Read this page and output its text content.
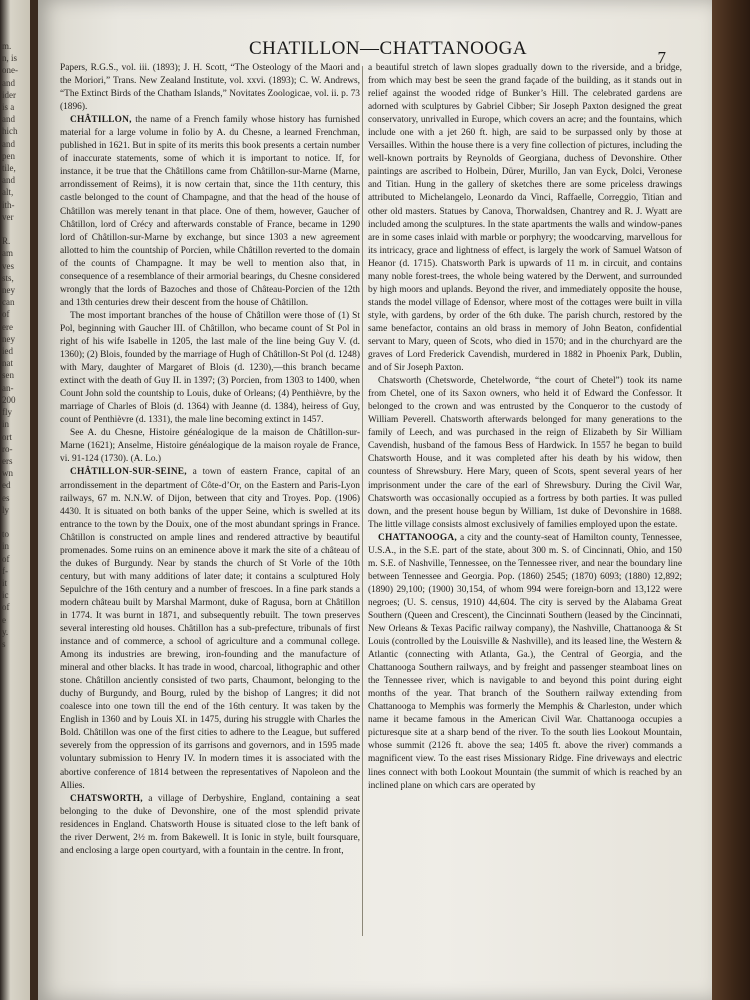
m.
n, is
one-
and
ider
is a
and
hich
and
pen
tile,
and
alt,
ith-
ver

R.
am
ves
sts,
ney
can
of
ere
ney
ied
nat
sen
an-
200
fly
in
ort
ro-
ers
wn
ed
es
ly

to
in
of
f-
it
ic
of
e
y.
s
CHATILLON—CHATTANOOGA	7

Papers, R.G.S., vol. iii. (1893); J. H. Scott, “The Osteology of the Maori and the Moriori,” Trans. New Zealand Institute, vol. xxvi. (1893); C. W. Andrews, “The Extinct Birds of the Chatham Islands,” Novitates Zoologicae, vol. ii. p. 73 (1896).

CHÂTILLON, the name of a French family whose history has furnished material for a large volume in folio by A. du Chesne, a learned Frenchman, published in 1621. But in spite of its merits this book presents a certain number of inaccurate statements, some of which it is important to notice. If, for instance, it be true that the Châtillons came from Châtillon-sur-Marne (Marne, arrondissement of Reims), it is now certain that, since the 11th century, this castle belonged to the count of Champagne, and that the head of the house of Châtillon was merely tenant in that place. One of them, however, Gaucher of Châtillon, lord of Crécy and afterwards constable of France, became in 1290 lord of Châtillon-sur-Marne by exchange, but since 1303 a new agreement allotted to him the countship of Porcien, while Châtillon reverted to the domain of the counts of Champagne. It may be well to mention also that, in consequence of a resemblance of their armorial bearings, du Chesne considered wrongly that the lords of Bazoches and those of Château-Porcien of the 12th and 13th centuries drew their descent from the house of Châtillon.

The most important branches of the house of Châtillon were those of (1) St Pol, beginning with Gaucher III. of Châtillon, who became count of St Pol in right of his wife Isabelle in 1205, the last male of the line being Guy V. (d. 1360); (2) Blois, founded by the marriage of Hugh of Châtillon-St Pol (d. 1248) with Mary, daughter of Margaret of Blois (d. 1230),—this branch became extinct with the death of Guy II. in 1397; (3) Porcien, from 1303 to 1400, when Count John sold the countship to Louis, duke of Orleans; (4) Penthièvre, by the marriage of Charles of Blois (d. 1364) with Jeanne (d. 1384), heiress of Guy, count of Penthièvre (d. 1331), the male line becoming extinct in 1457.

See A. du Chesne, Histoire généalogique de la maison de Châtillon-sur-Marne (1621); Anselme, Histoire généalogique de la maison royale de France, vi. 91-124 (1730). (A. Lo.)

CHÂTILLON-SUR-SEINE, a town of eastern France, capital of an arrondissement in the department of Côte-d’Or, on the Eastern and Paris-Lyon railways, 67 m. N.N.W. of Dijon, between that city and Troyes. Pop. (1906) 4430. It is situated on both banks of the upper Seine, which is swelled at its entrance to the town by the Douix, one of the most abundant springs in France. Châtillon is constructed on ample lines and rendered attractive by beautiful promenades. Some ruins on an eminence above it mark the site of a château of the dukes of Burgundy. Near by stands the church of St Vorle of the 10th century, but with many additions of later date; it contains a sculptured Holy Sepulchre of the 16th century and a number of frescoes. In a fine park stands a modern château built by Marshal Marmont, duke of Ragusa, born at Châtillon in 1774. It was burnt in 1871, and subsequently rebuilt. The town preserves several interesting old houses. Châtillon has a sub-prefecture, tribunals of first instance and of commerce, a school of agriculture and a communal college. Among its industries are brewing, iron-founding and the manufacture of mineral and other blacks. It has trade in wood, charcoal, lithographic and other stone. Châtillon anciently consisted of two parts, Chaumont, belonging to the duchy of Burgundy, and Bourg, ruled by the bishop of Langres; it did not coalesce into one town till the end of the 16th century. It was taken by the English in 1360 and by Louis XI. in 1475, during his struggle with Charles the Bold. Châtillon was one of the first cities to adhere to the League, but suffered severely from the oppression of its garrisons and governors, and in 1595 made voluntary submission to Henry IV. In modern times it is associated with the abortive conference of 1814 between the representatives of Napoleon and the Allies.

CHATSWORTH, a village of Derbyshire, England, containing a seat belonging to the duke of Devonshire, one of the most splendid private residences in England. Chatsworth House is situated close to the left bank of the river Derwent, 2½ m. from Bakewell. It is Ionic in style, built foursquare, and enclosing a large open courtyard, with a fountain in the centre. In front,

a beautiful stretch of lawn slopes gradually down to the riverside, and a bridge, from which may best be seen the grand façade of the building, as it stands out in relief against the wooded ridge of Bunker’s Hill. The celebrated gardens are adorned with sculptures by Gabriel Cibber; Sir Joseph Paxton designed the great conservatory, unrivalled in Europe, which covers an acre; and the fountains, which include one with a jet 260 ft. high, are said to be surpassed only by those at Versailles. Within the house there is a very fine collection of pictures, including the well-known portraits by Reynolds of Georgiana, duchess of Devonshire. Other paintings are ascribed to Holbein, Dürer, Murillo, Jan van Eyck, Dolci, Veronese and Titian. Hung in the gallery of sketches there are some priceless drawings attributed to Michelangelo, Leonardo da Vinci, Raffaelle, Correggio, Titian and other old masters. Statues by Canova, Thorwaldsen, Chantrey and R. J. Wyatt are included among the sculptures. In the state apartments the walls and window-panes are in some cases inlaid with marble or porphyry; the woodcarving, marvellous for its intricacy, grace and lightness of effect, is largely the work of Samuel Watson of Heanor (d. 1715). Chatsworth Park is upwards of 11 m. in circuit, and contains many noble forest-trees, the whole being watered by the Derwent, and surrounded by high moors and uplands. Beyond the river, and immediately opposite the house, stands the model village of Edensor, where most of the cottages were built in villa style, with gardens, by order of the 6th duke. The parish church, restored by the same benefactor, contains an old brass in memory of John Beaton, confidential servant to Mary, queen of Scots, who died in 1570; and in the churchyard are the graves of Lord Frederick Cavendish, murdered in 1882 in Phoenix Park, Dublin, and of Sir Joseph Paxton.

Chatsworth (Chetsworde, Chetelworde, “the court of Chetel”) took its name from Chetel, one of its Saxon owners, who held it of Edward the Confessor. It belonged to the crown and was entrusted by the Conqueror to the custody of William Peverell. Chatsworth afterwards belonged for many generations to the family of Leech, and was purchased in the reign of Elizabeth by Sir William Cavendish, husband of the famous Bess of Hardwick. In 1557 he began to build Chatsworth House, and it was completed after his death by his widow, then countess of Shrewsbury. Here Mary, queen of Scots, spent several years of her imprisonment under the care of the earl of Shrewsbury. During the Civil War, Chatsworth was occasionally occupied as a fortress by both parties. It was pulled down, and the present house begun by William, 1st duke of Devonshire in 1688. The little village consists almost exclusively of families employed upon the estate.

CHATTANOOGA, a city and the county-seat of Hamilton county, Tennessee, U.S.A., in the S.E. part of the state, about 300 m. S. of Cincinnati, Ohio, and 150 m. S.E. of Nashville, Tennessee, on the Tennessee river, and near the boundary line between Tennessee and Georgia. Pop. (1860) 2545; (1870) 6093; (1880) 12,892; (1890) 29,100; (1900) 30,154, of whom 994 were foreign-born and 13,122 were negroes; (U. S. census, 1910) 44,604. The city is served by the Alabama Great Southern (Queen and Crescent), the Cincinnati Southern (leased by the Cincinnati, New Orleans & Texas Pacific railway company), the Nashville, Chattanooga & St Louis (controlled by the Louisville & Nashville), and its leased line, the Western & Atlantic (connecting with Atlanta, Ga.), the Central of Georgia, and the Chattanooga Southern railways, and by freight and passenger steamboat lines on the Tennessee river, which is navigable to and beyond this point during eight months of the year. That branch of the Southern railway extending from Chattanooga to Memphis was formerly the Memphis & Charleston, under which name it became famous in the American Civil War. Chattanooga occupies a picturesque site at a sharp bend of the river. To the south lies Lookout Mountain, whose summit (2126 ft. above the sea; 1405 ft. above the river) commands a magnificent view. To the east rises Missionary Ridge. Fine driveways and electric lines connect with both Lookout Mountain (the summit of which is reached by an inclined plane on which cars are operated by
